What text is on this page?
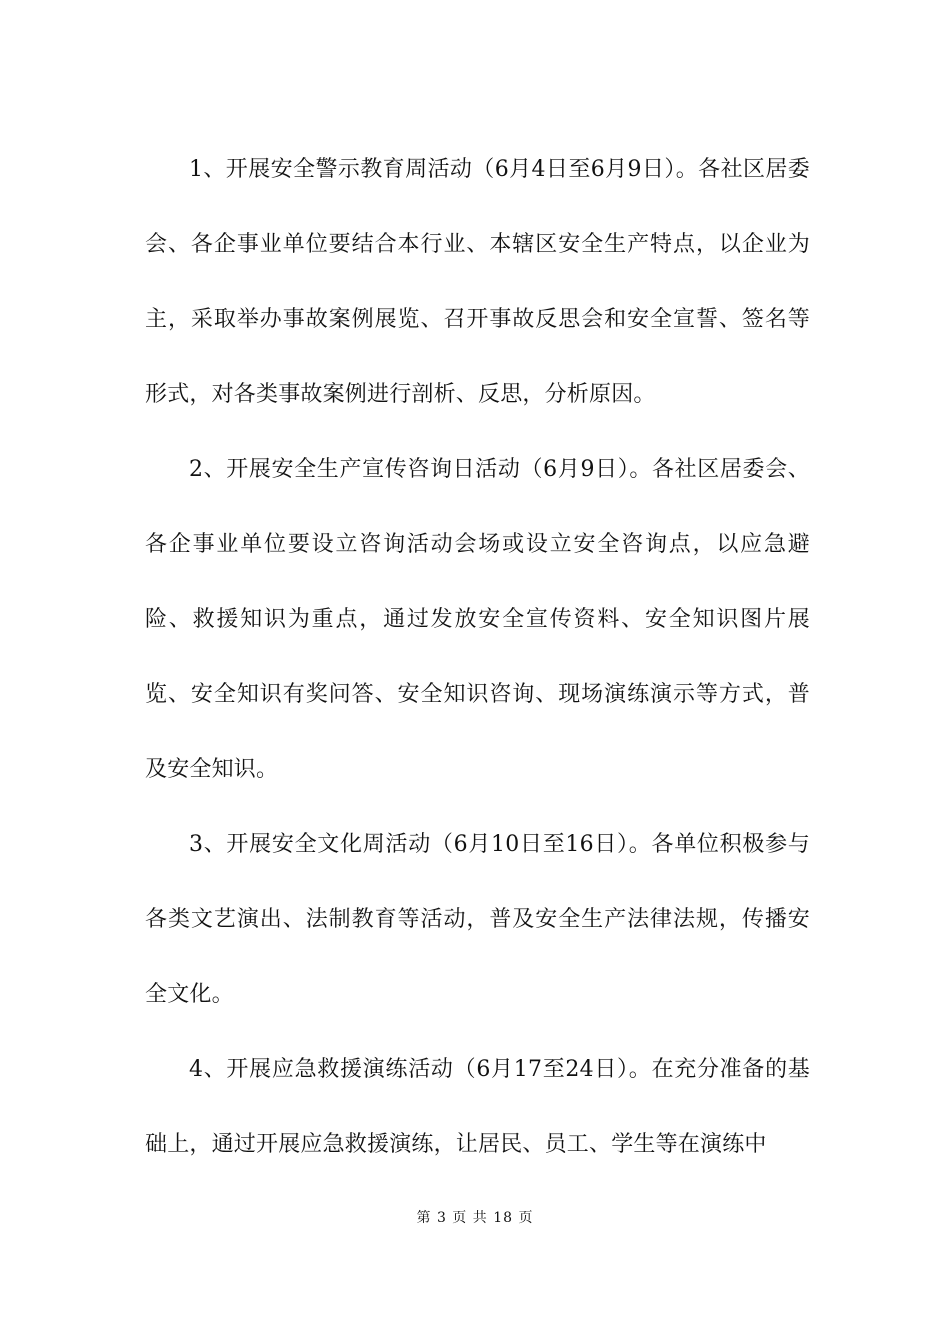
1、开展安全警示教育周活动（6月4日至6月9日）。各社区居委会、各企事业单位要结合本行业、本辖区安全生产特点，以企业为主，采取举办事故案例展览、召开事故反思会和安全宣誓、签名等形式，对各类事故案例进行剖析、反思，分析原因。

2、开展安全生产宣传咨询日活动（6月9日）。各社区居委会、各企事业单位要设立咨询活动会场或设立安全咨询点，以应急避险、救援知识为重点，通过发放安全宣传资料、安全知识图片展览、安全知识有奖问答、安全知识咨询、现场演练演示等方式，普及安全知识。

3、开展安全文化周活动（6月10日至16日）。各单位积极参与各类文艺演出、法制教育等活动，普及安全生产法律法规，传播安全文化。

4、开展应急救援演练活动（6月17至24日）。在充分准备的基础上，通过开展应急救援演练，让居民、员工、学生等在演练中

第 3 页 共 18 页
